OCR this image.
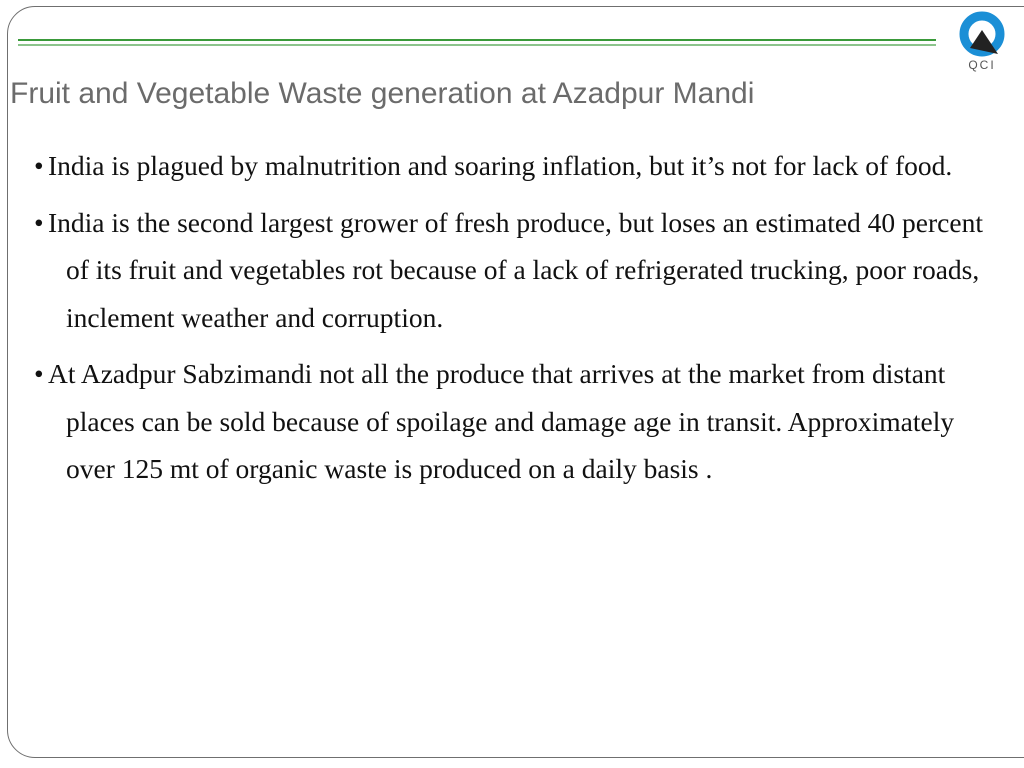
QCI
Fruit and Vegetable Waste generation at Azadpur Mandi
• India is plagued by malnutrition and soaring inflation, but it’s not for lack of food.
• India is the second largest grower of fresh produce, but loses an estimated 40 percent of its fruit and vegetables rot because of a lack of refrigerated trucking, poor roads, inclement weather and corruption.
• At Azadpur Sabzimandi not all the produce that arrives at the market from distant places can be sold because of spoilage and damage age in transit. Approximately over 125 mt of organic waste is produced on a daily basis .
